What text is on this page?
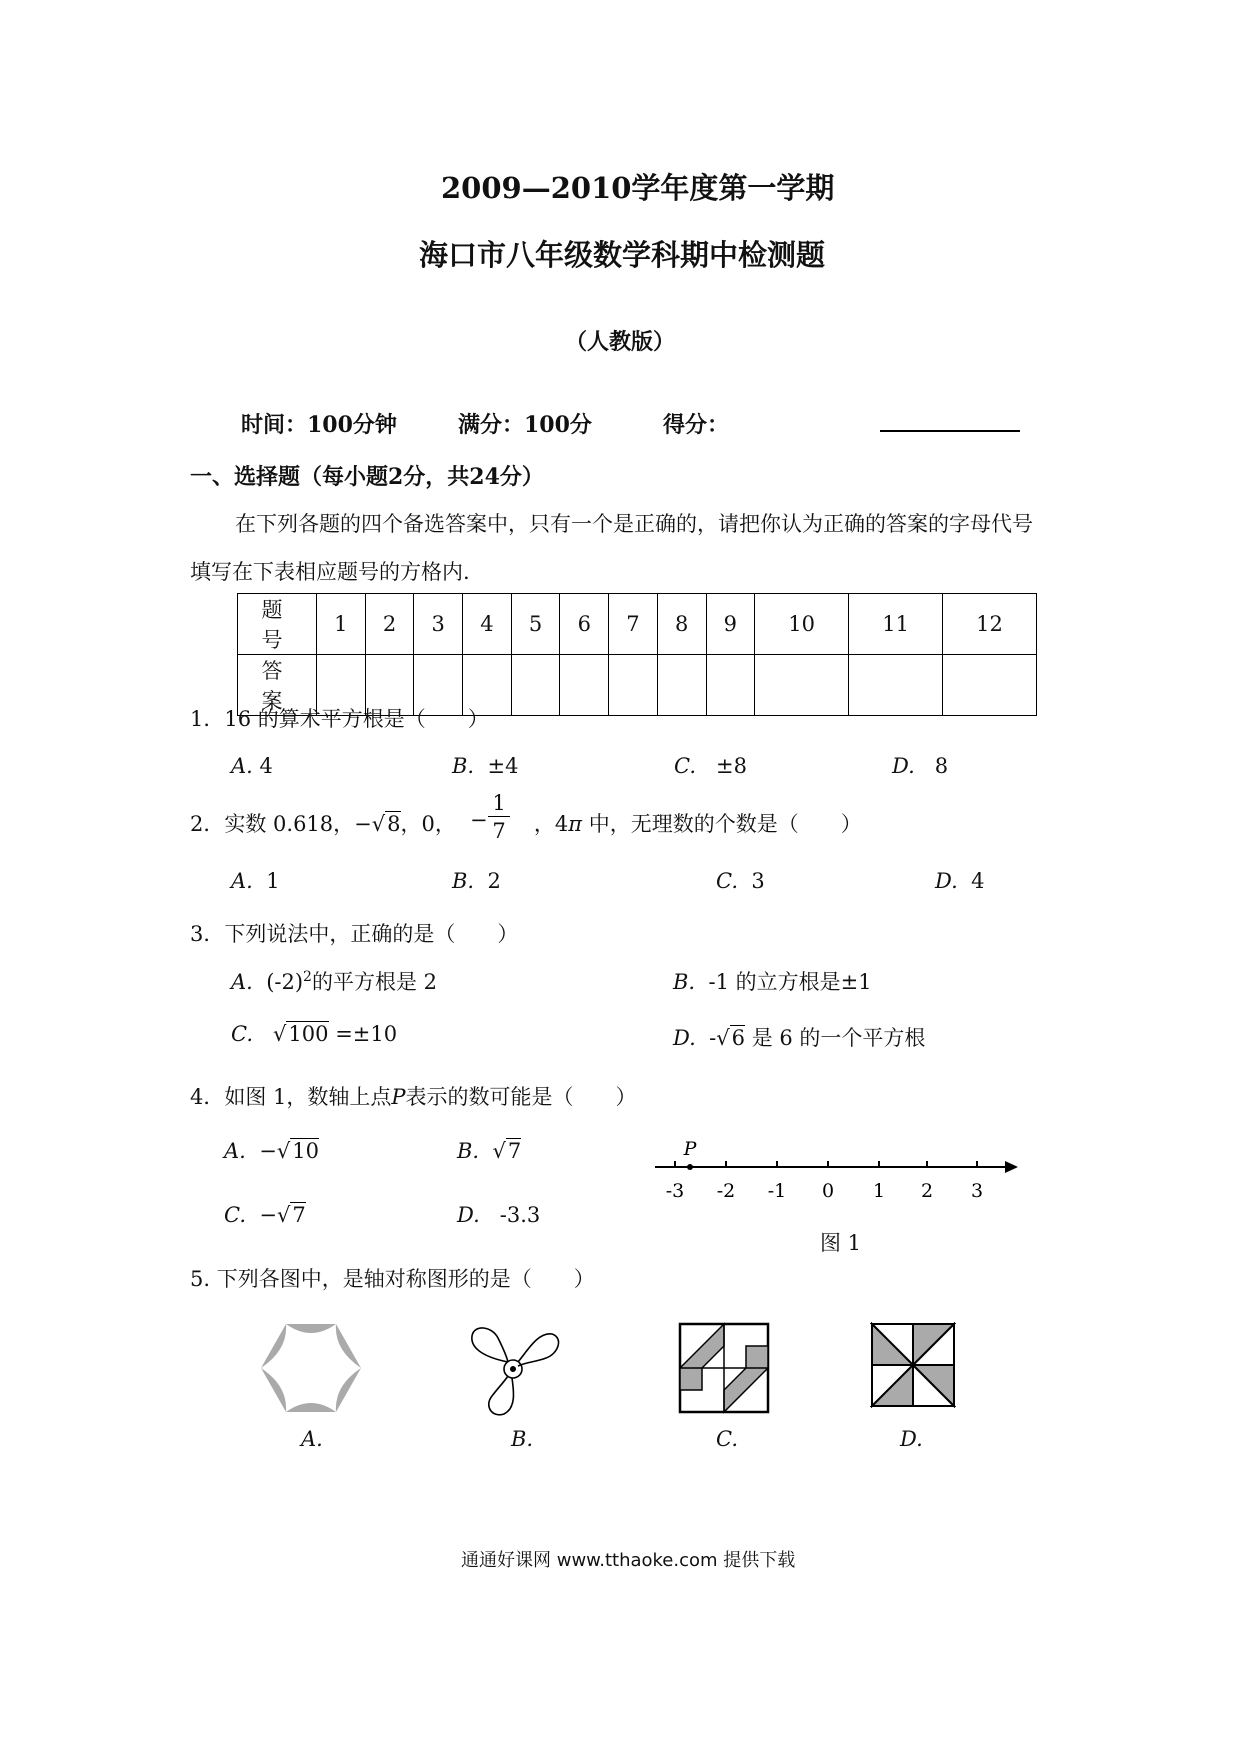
2009—2010学年度第一学期
海口市八年级数学科期中检测题
（人教版）
时间：100分钟	满分：100分	得分：
一、选择题（每小题2分，共24分）
在下列各题的四个备选答案中，只有一个是正确的，请把你认为正确的答案的字母代号
填写在下表相应题号的方格内.
题 号	1	2	3	4	5	6	7	8	9	10	11	12
答 案												
1．16 的算术平方根是（　　）
A. 4	B. ±4	C. ±8	D. 8
2．实数 0.618，−√8，0，	，4π 中，无理数的个数是（　　）
− $\frac{1}{7}$
A. 1	B. 2	C. 3	D. 4
3．下列说法中，正确的是（　　）
A. $(-2)^2$的平方根是 2	B. -1 的立方根是±1
C. √100 =±10	D. -√6 是 6 的一个平方根
4．如图 1，数轴上点P表示的数可能是（　　）
A. −√10	B. √7
C. −√7	D. -3.3
P
-3 -2 -1 0 1 2 3
图 1
5. 下列各图中，是轴对称图形的是（　　）
A.	B.	C.	D.
通通好课网 www.tthaoke.com 提供下载
